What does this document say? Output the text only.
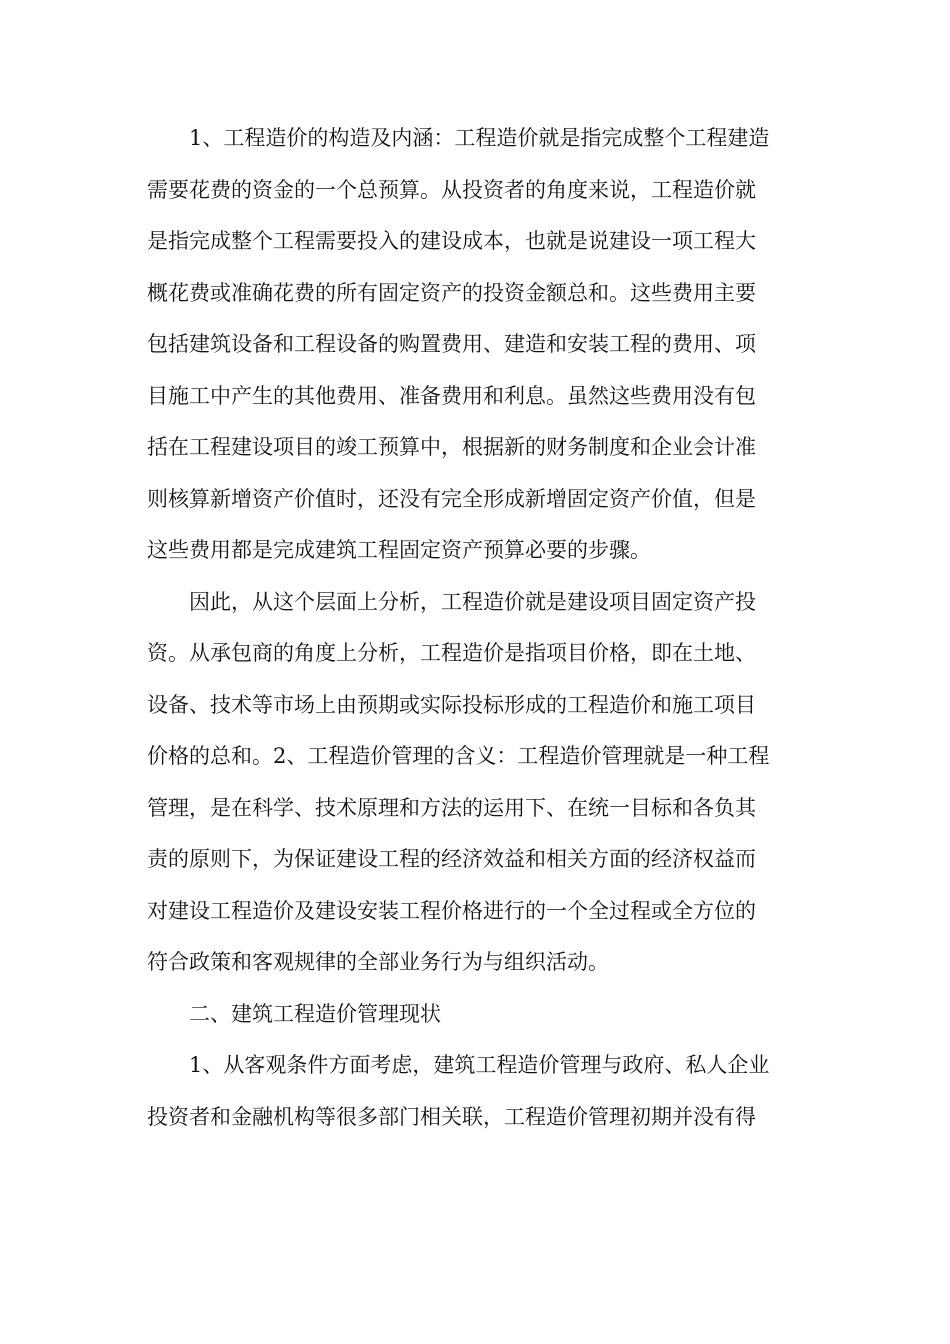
1、工程造价的构造及内涵：工程造价就是指完成整个工程建造
需要花费的资金的一个总预算。从投资者的角度来说，工程造价就
是指完成整个工程需要投入的建设成本，也就是说建设一项工程大
概花费或准确花费的所有固定资产的投资金额总和。这些费用主要
包括建筑设备和工程设备的购置费用、建造和安装工程的费用、项
目施工中产生的其他费用、准备费用和利息。虽然这些费用没有包
括在工程建设项目的竣工预算中，根据新的财务制度和企业会计准
则核算新增资产价值时，还没有完全形成新增固定资产价值，但是
这些费用都是完成建筑工程固定资产预算必要的步骤。
因此，从这个层面上分析，工程造价就是建设项目固定资产投
资。从承包商的角度上分析，工程造价是指项目价格，即在土地、
设备、技术等市场上由预期或实际投标形成的工程造价和施工项目
价格的总和。2、工程造价管理的含义：工程造价管理就是一种工程
管理，是在科学、技术原理和方法的运用下、在统一目标和各负其
责的原则下，为保证建设工程的经济效益和相关方面的经济权益而
对建设工程造价及建设安装工程价格进行的一个全过程或全方位的
符合政策和客观规律的全部业务行为与组织活动。
二、建筑工程造价管理现状
1、从客观条件方面考虑，建筑工程造价管理与政府、私人企业
投资者和金融机构等很多部门相关联，工程造价管理初期并没有得
